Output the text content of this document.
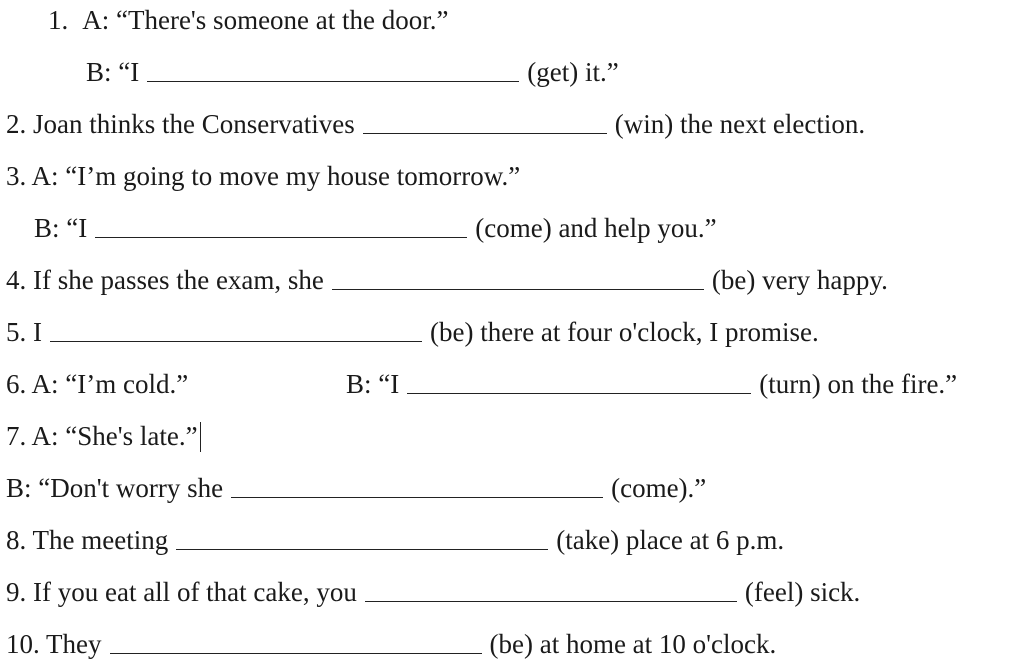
1. A: “There's someone at the door.”
B: “I	(get) it.”
2. Joan thinks the Conservatives	(win) the next election.
3. A: “I’m going to move my house tomorrow.”
B: “I	(come) and help you.”
4. If she passes the exam, she	(be) very happy.
5. I	(be) there at four o'clock, I promise.
6. A: “I’m cold.”	B: “I	(turn) on the fire.”
7. A: “She's late.”
B: “Don't worry she	(come).”
8. The meeting	(take) place at 6 p.m.
9. If you eat all of that cake, you	(feel) sick.
10. They	(be) at home at 10 o'clock.
